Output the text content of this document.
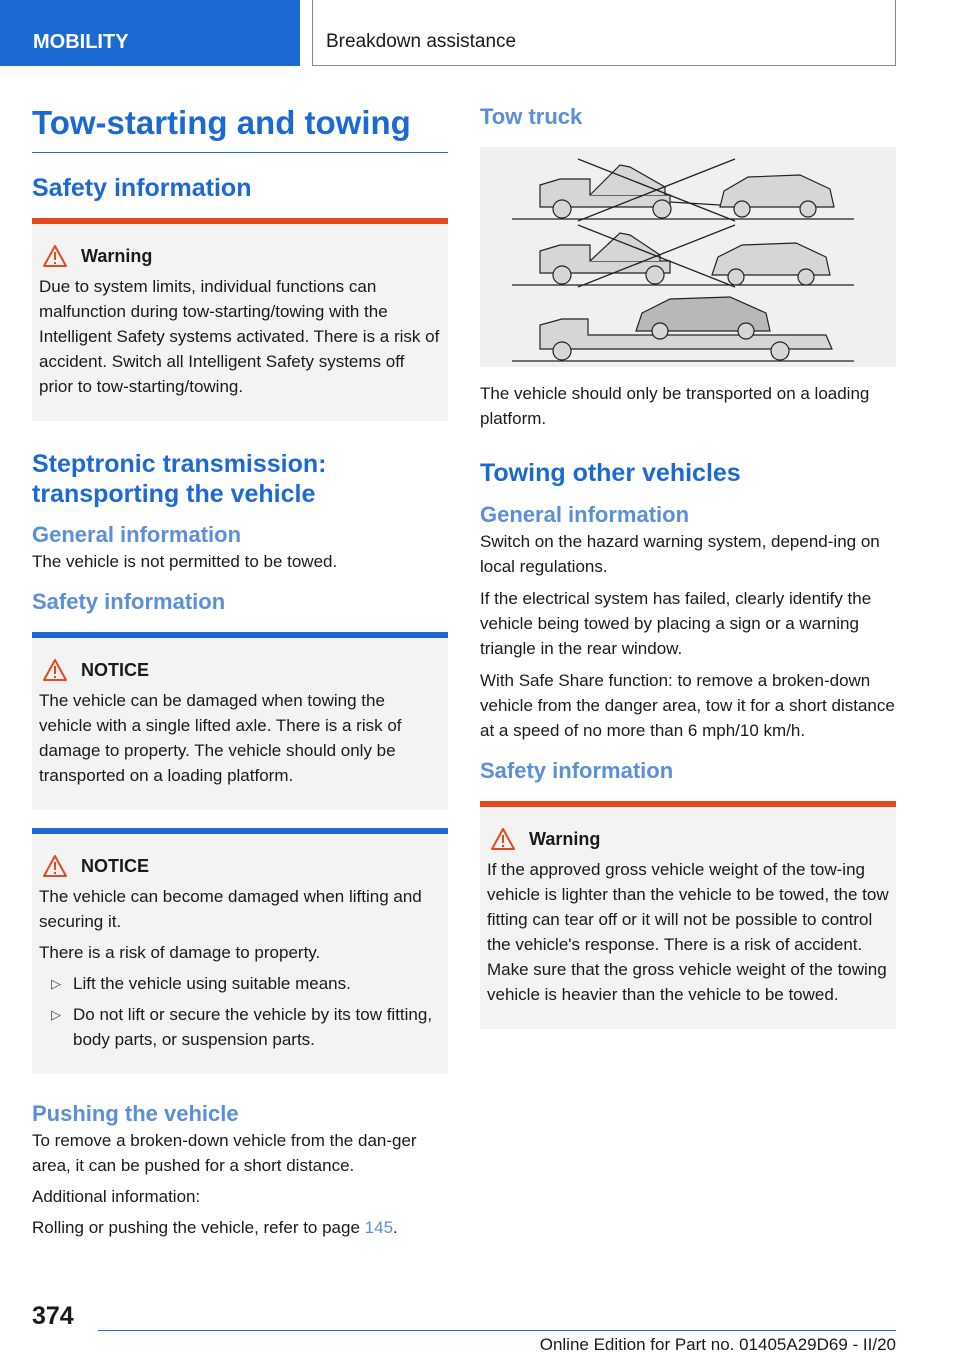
MOBILITY	Breakdown assistance
Tow-starting and towing
Safety information
Warning

Due to system limits, individual functions can malfunction during tow-starting/towing with the Intelligent Safety systems activated. There is a risk of accident. Switch all Intelligent Safety systems off prior to tow-starting/towing.

Steptronic transmission: transporting the vehicle
General information

The vehicle is not permitted to be towed.

Safety information
NOTICE

The vehicle can be damaged when towing the vehicle with a single lifted axle. There is a risk of damage to property. The vehicle should only be transported on a loading platform.

NOTICE

The vehicle can become damaged when lifting and securing it.

There is a risk of damage to property.

▷ Lift the vehicle using suitable means.
▷ Do not lift or secure the vehicle by its tow fitting, body parts, or suspension parts.
Pushing the vehicle

To remove a broken-down vehicle from the dan‐ger area, it can be pushed for a short distance.

Additional information:

Rolling or pushing the vehicle, refer to page 145.

Tow truck

The vehicle should only be transported on a loading platform.

Towing other vehicles
General information

Switch on the hazard warning system, depend‐ing on local regulations.

If the electrical system has failed, clearly identify the vehicle being towed by placing a sign or a warning triangle in the rear window.

With Safe Share function: to remove a broken-down vehicle from the danger area, tow it for a short distance at a speed of no more than 6 mph/10 km/h.

Safety information
Warning

If the approved gross vehicle weight of the tow‐ing vehicle is lighter than the vehicle to be towed, the tow fitting can tear off or it will not be possible to control the vehicle's response. There is a risk of accident. Make sure that the gross vehicle weight of the towing vehicle is heavier than the vehicle to be towed.

374
Online Edition for Part no. 01405A29D69 - II/20
